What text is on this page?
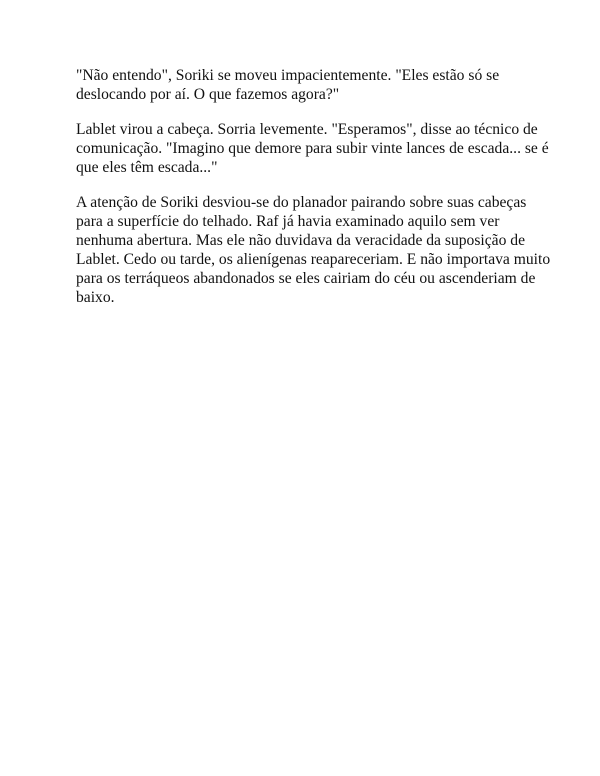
"Não entendo", Soriki se moveu impacientemente. "Eles estão só se
deslocando por aí. O que fazemos agora?"

Lablet virou a cabeça. Sorria levemente. "Esperamos", disse ao técnico de
comunicação. "Imagino que demore para subir vinte lances de escada... se é
que eles têm escada..."

A atenção de Soriki desviou-se do planador pairando sobre suas cabeças
para a superfície do telhado. Raf já havia examinado aquilo sem ver
nenhuma abertura. Mas ele não duvidava da veracidade da suposição de
Lablet. Cedo ou tarde, os alienígenas reapareceriam. E não importava muito
para os terráqueos abandonados se eles cairiam do céu ou ascenderiam de
baixo.
